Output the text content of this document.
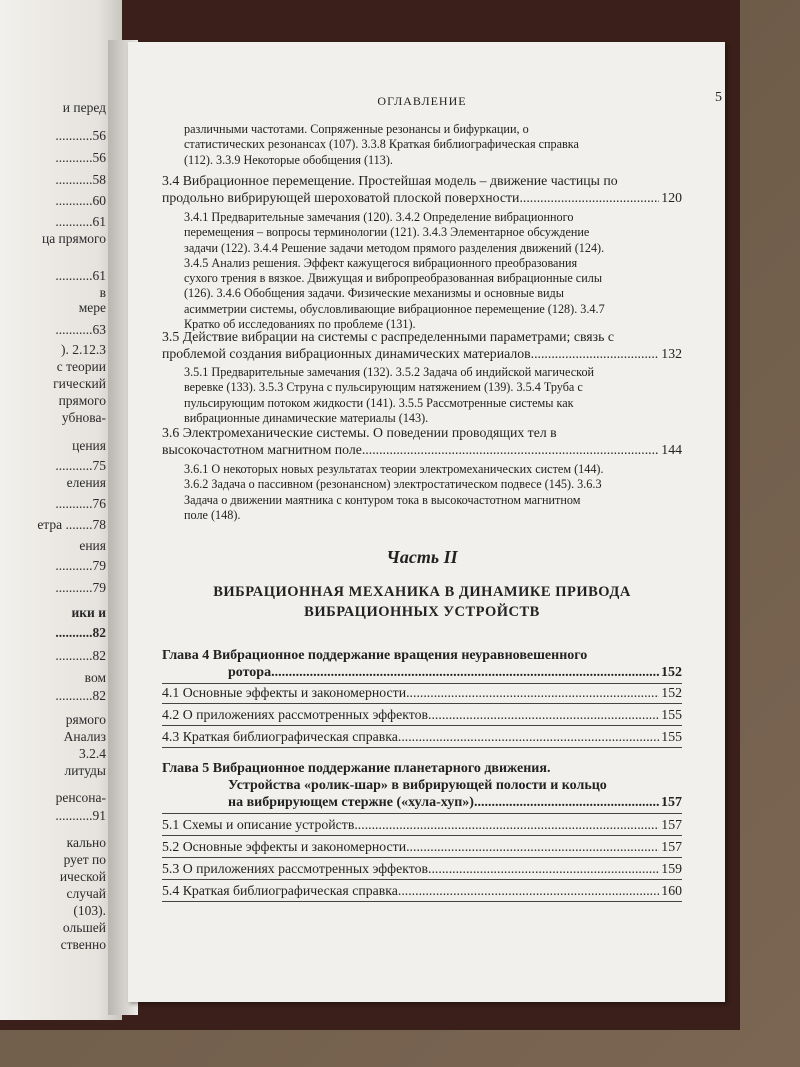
и перед
...........56
...........56
...........58
...........60
...........61
ца прямого
...........61
в
мере
...........63
). 2.12.3
с теории
гический
прямого
убнова-
цения
...........75
еления
...........76
етра ........78
ения
...........79
...........79
ики и
...........82
...........82
вом
...........82
рямого
Анализ
3.2.4
литуды
ренсона-
...........91
кально
рует по
ической
случай
(103).
ольшей
ственно
ОГЛАВЛЕНИЕ	5
различными частотами. Сопряженные резонансы и бифуркации, о
статистических резонансах (107). 3.3.8 Краткая библиографическая справка
(112). 3.3.9 Некоторые обобщения (113).
3.4 Вибрационное перемещение. Простейшая модель – движение частицы по
продольно вибрирующей шероховатой плоской поверхности .....	120
3.4.1 Предварительные замечания (120). 3.4.2 Определение вибрационного
перемещения – вопросы терминологии (121). 3.4.3 Элементарное обсуждение
задачи (122). 3.4.4 Решение задачи методом прямого разделения движений (124).
3.4.5 Анализ решения. Эффект кажущегося вибрационного преобразования
сухого трения в вязкое. Движущая и вибропреобразованная вибрационные силы
(126). 3.4.6 Обобщения задачи. Физические механизмы и основные виды
асимметрии системы, обусловливающие вибрационное перемещение (128). 3.4.7
Кратко об исследованиях по проблеме (131).
3.5 Действие вибрации на системы с распределенными параметрами; связь с
проблемой создания вибрационных динамических материалов .....	132
3.5.1 Предварительные замечания (132). 3.5.2 Задача об индийской магической
веревке (133). 3.5.3 Струна с пульсирующим натяжением (139). 3.5.4 Труба с
пульсирующим потоком жидкости (141). 3.5.5 Рассмотренные системы как
вибрационные динамические материалы (143).
3.6 Электромеханические системы. О поведении проводящих тел в
высокочастотном магнитном поле .....	144
3.6.1 О некоторых новых результатах теории электромеханических систем (144).
3.6.2 Задача о пассивном (резонансном) электростатическом подвесе (145). 3.6.3
Задача о движении маятника с контуром тока в высокочастотном магнитном
поле (148).
Часть II
ВИБРАЦИОННАЯ МЕХАНИКА В ДИНАМИКЕ ПРИВОДА
ВИБРАЦИОННЫХ УСТРОЙСТВ
Глава 4 Вибрационное поддержание вращения неуравновешенного
ротора .....	152
4.1 Основные эффекты и закономерности .....	152
4.2 О приложениях рассмотренных эффектов .....	155
4.3 Краткая библиографическая справка .....	155
Глава 5 Вибрационное поддержание планетарного движения.
Устройства «ролик-шар» в вибрирующей полости и кольцо
на вибрирующем стержне («хула-хуп») .....	157
5.1 Схемы и описание устройств .....	157
5.2 Основные эффекты и закономерности .....	157
5.3 О приложениях рассмотренных эффектов .....	159
5.4 Краткая библиографическая справка .....	160
